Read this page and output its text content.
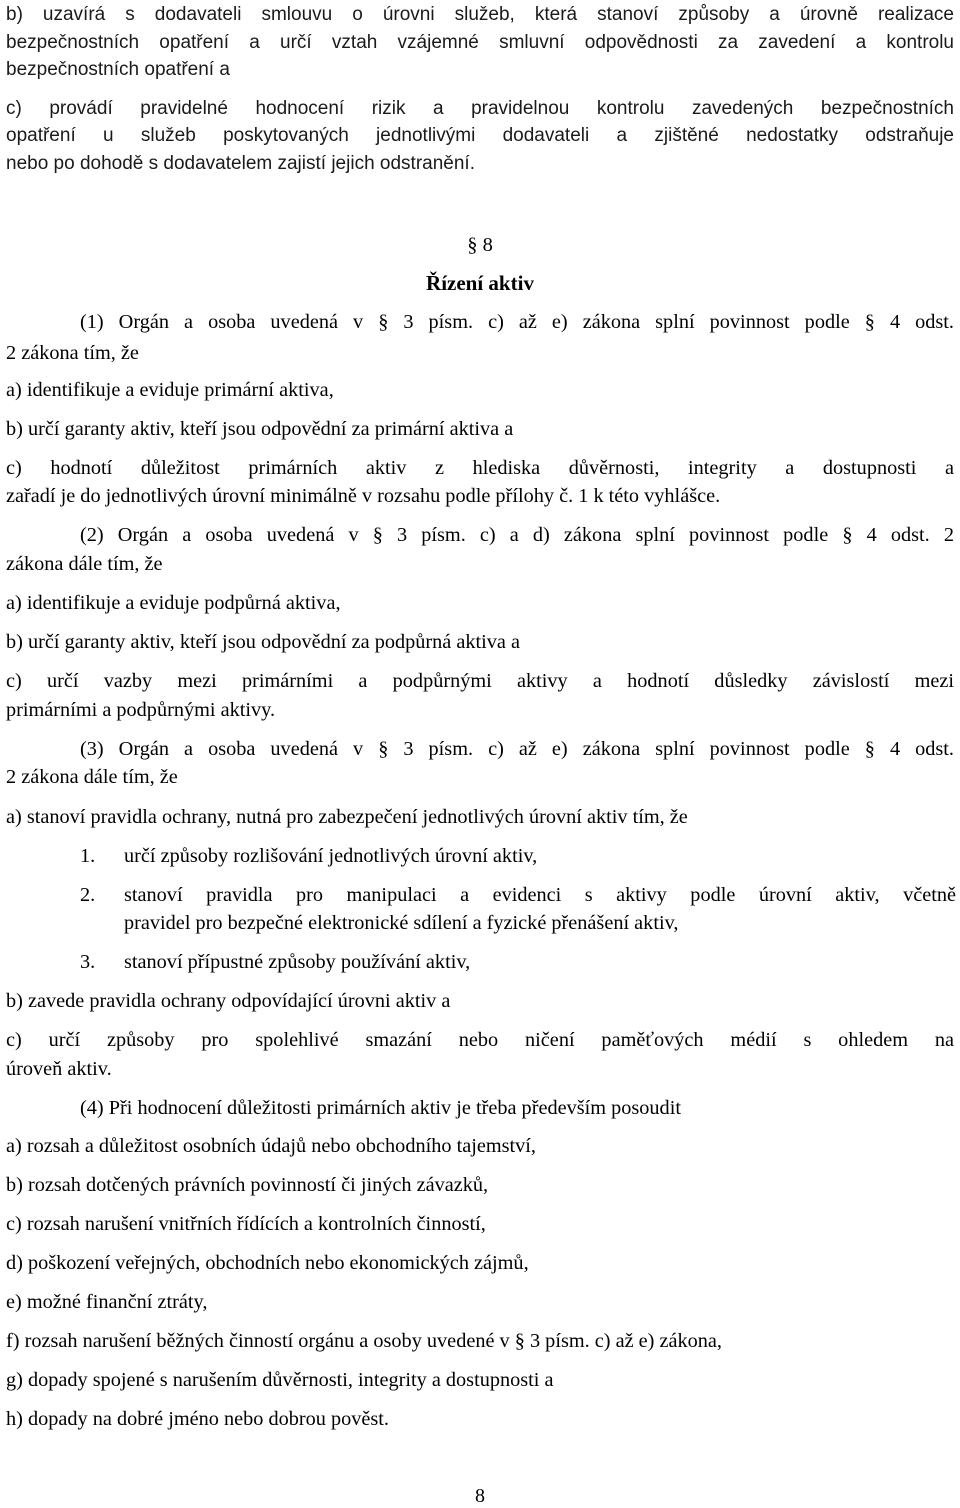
b) uzavírá s dodavateli smlouvu o úrovni služeb, která stanoví způsoby a úrovně realizace
bezpečnostních opatření a určí vztah vzájemné smluvní odpovědnosti za zavedení a kontrolu
bezpečnostních opatření a
c) provádí pravidelné hodnocení rizik a pravidelnou kontrolu zavedených bezpečnostních
opatření u služeb poskytovaných jednotlivými dodavateli a zjištěné nedostatky odstraňuje
nebo po dohodě s dodavatelem zajistí jejich odstranění.
§ 8
Řízení aktiv
(1) Orgán a osoba uvedená v § 3 písm. c) až e) zákona splní povinnost podle § 4 odst.
2 zákona tím, že
a) identifikuje a eviduje primární aktiva,
b) určí garanty aktiv, kteří jsou odpovědní za primární aktiva a
c) hodnotí důležitost primárních aktiv z hlediska důvěrnosti, integrity a dostupnosti a
zařadí je do jednotlivých úrovní minimálně v rozsahu podle přílohy č. 1 k této vyhlášce.
(2) Orgán a osoba uvedená v § 3 písm. c) a d) zákona splní povinnost podle § 4 odst. 2
zákona dále tím, že
a) identifikuje a eviduje podpůrná aktiva,
b) určí garanty aktiv, kteří jsou odpovědní za podpůrná aktiva a
c) určí vazby mezi primárními a podpůrnými aktivy a hodnotí důsledky závislostí mezi
primárními a podpůrnými aktivy.
(3) Orgán a osoba uvedená v § 3 písm. c) až e) zákona splní povinnost podle § 4 odst.
2 zákona dále tím, že
a) stanoví pravidla ochrany, nutná pro zabezpečení jednotlivých úrovní aktiv tím, že
1.	určí způsoby rozlišování jednotlivých úrovní aktiv,
2.	stanoví pravidla pro manipulaci a evidenci s aktivy podle úrovní aktiv, včetně
pravidel pro bezpečné elektronické sdílení a fyzické přenášení aktiv,
3.	stanoví přípustné způsoby používání aktiv,
b) zavede pravidla ochrany odpovídající úrovni aktiv a
c) určí způsoby pro spolehlivé smazání nebo ničení paměťových médií s ohledem na
úroveň aktiv.
(4) Při hodnocení důležitosti primárních aktiv je třeba především posoudit
a) rozsah a důležitost osobních údajů nebo obchodního tajemství,
b) rozsah dotčených právních povinností či jiných závazků,
c) rozsah narušení vnitřních řídících a kontrolních činností,
d) poškození veřejných, obchodních nebo ekonomických zájmů,
e) možné finanční ztráty,
f) rozsah narušení běžných činností orgánu a osoby uvedené v § 3 písm. c) až e) zákona,
g) dopady spojené s narušením důvěrnosti, integrity a dostupnosti a
h) dopady na dobré jméno nebo dobrou pověst.
8
